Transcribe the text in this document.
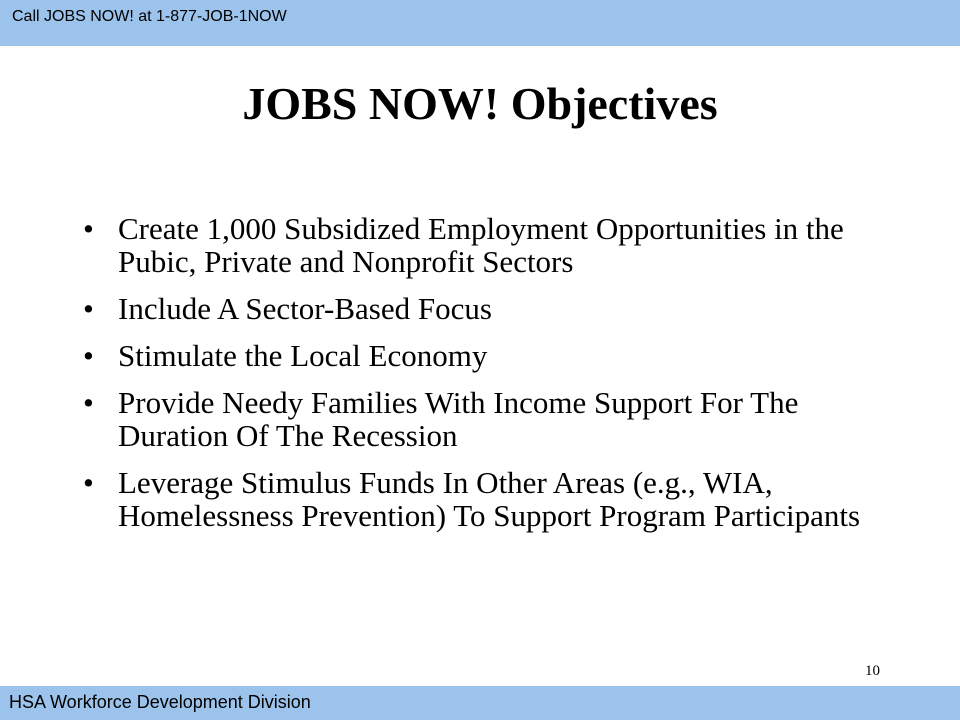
Call JOBS NOW! at 1-877-JOB-1NOW
JOBS NOW! Objectives
• Create 1,000 Subsidized Employment Opportunities in the Pubic, Private and Nonprofit Sectors
• Include A Sector-Based Focus
• Stimulate the Local Economy
• Provide Needy Families With Income Support For The Duration Of The Recession
• Leverage Stimulus Funds In Other Areas (e.g., WIA, Homelessness Prevention) To Support Program Participants
10
HSA Workforce Development Division
